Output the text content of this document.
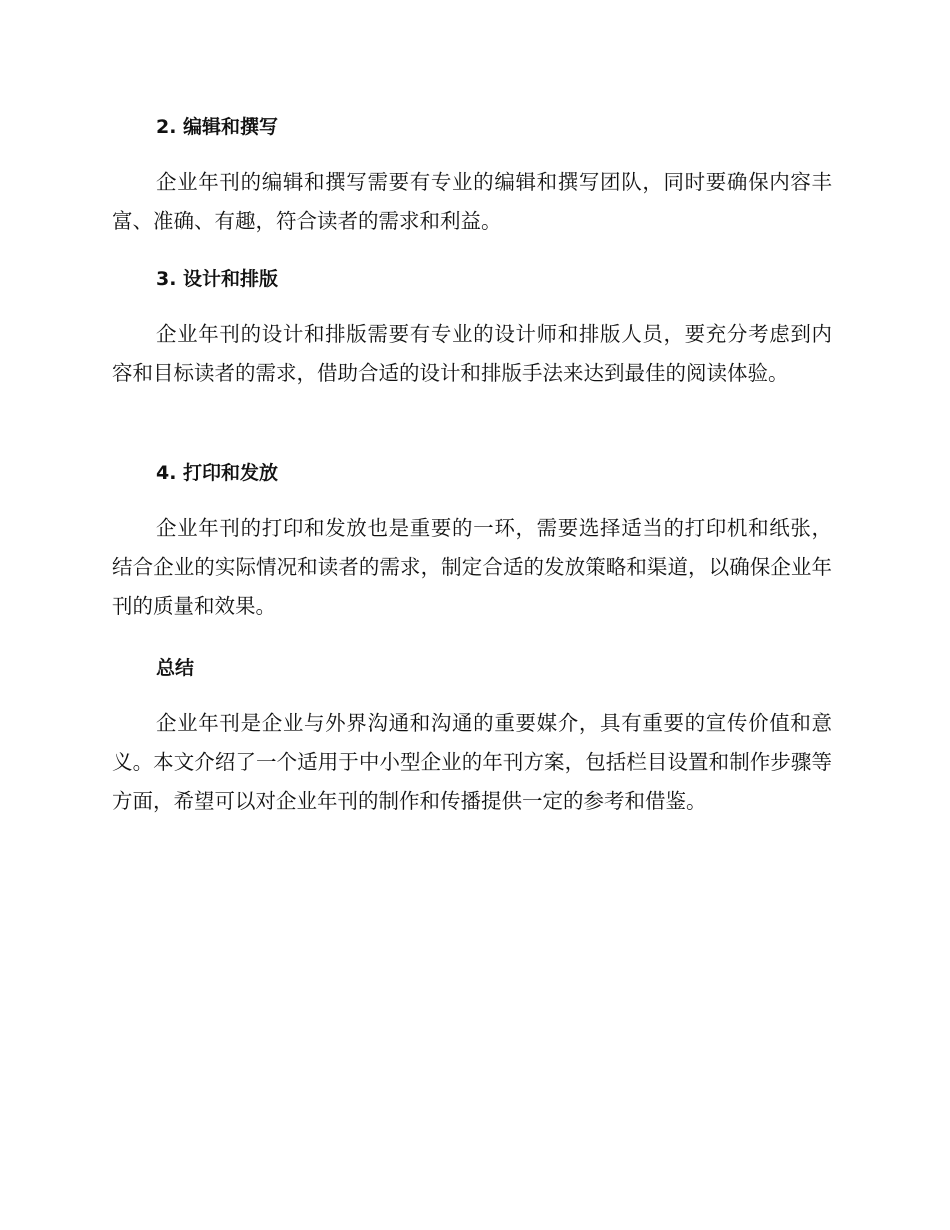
2. 编辑和撰写
企业年刊的编辑和撰写需要有专业的编辑和撰写团队，同时要确保内容丰富、准确、有趣，符合读者的需求和利益。
3. 设计和排版
企业年刊的设计和排版需要有专业的设计师和排版人员，要充分考虑到内容和目标读者的需求，借助合适的设计和排版手法来达到最佳的阅读体验。
4. 打印和发放
企业年刊的打印和发放也是重要的一环，需要选择适当的打印机和纸张，结合企业的实际情况和读者的需求，制定合适的发放策略和渠道，以确保企业年刊的质量和效果。
总结
企业年刊是企业与外界沟通和沟通的重要媒介，具有重要的宣传价值和意义。本文介绍了一个适用于中小型企业的年刊方案，包括栏目设置和制作步骤等方面，希望可以对企业年刊的制作和传播提供一定的参考和借鉴。
